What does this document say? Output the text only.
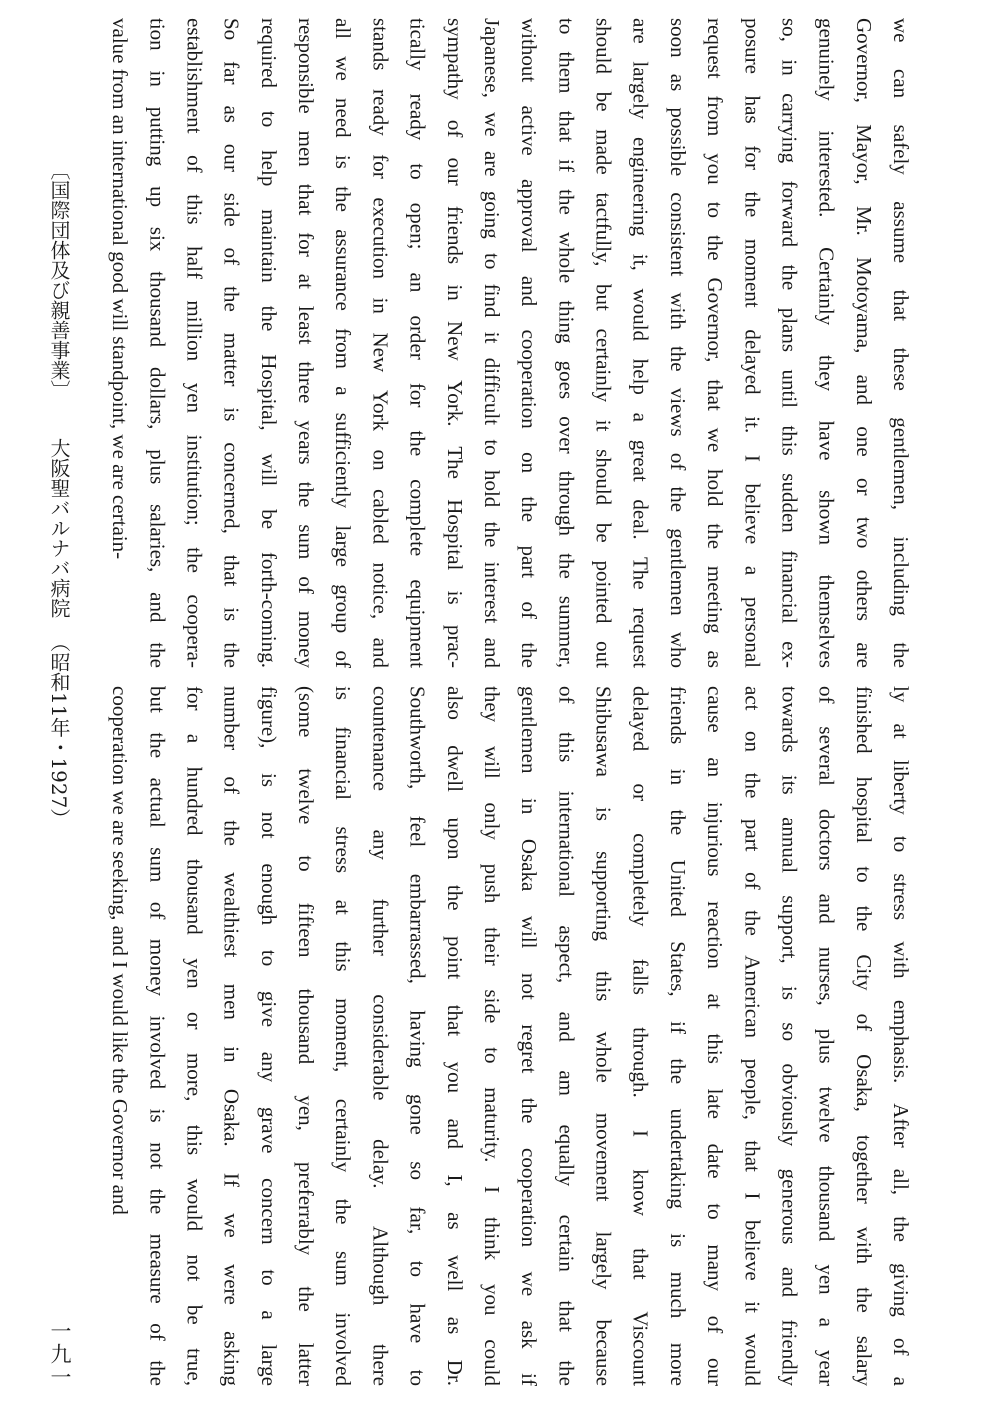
we can safely assume that these gentlemen, including the
Governor, Mayor, Mr. Motoyama, and one or two others are
genuinely interested. Certainly they have shown themselves
so, in carrying forward the plans until this sudden financial ex-
posure has for the moment delayed it. I believe a personal
request from you to the Governor, that we hold the meeting as
soon as possible consistent with the views of the gentlemen who
are largely engineering it, would help a great deal. The request
should be made tactfully, but certainly it should be pointed out
to them that if the whole thing goes over through the summer,
without active approval and cooperation on the part of the
Japanese, we are going to find it difficult to hold the interest and
sympathy of our friends in New York. The Hospital is prac-
tically ready to open; an order for the complete equipment
stands ready for execution in New York on cabled notice, and
all we need is the assurance from a sufficiently large group of
responsible men that for at least three years the sum of money
required to help maintain the Hospital, will be forth-coming.
So far as our side of the matter is concerned, that is the
establishment of this half million yen institution; the coopera-
tion in putting up six thousand dollars, plus salaries, and the
value from an international good will standpoint, we are certain-
ly at liberty to stress with emphasis. After all, the giving of a
finished hospital to the City of Osaka, together with the salary
of several doctors and nurses, plus twelve thousand yen a year
towards its annual support, is so obviously generous and friendly
act on the part of the American people, that I believe it would
cause an injurious reaction at this late date to many of our
friends in the United States, if the undertaking is much more
delayed or completely falls through. I know that Viscount
Shibusawa is supporting this whole movement largely because
of this international aspect, and am equally certain that the
gentlemen in Osaka will not regret the cooperation we ask if
they will only push their side to maturity. I think you could
also dwell upon the point that you and I, as well as Dr.
Southworth, feel embarrassed, having gone so far, to have to
countenance any further considerable delay. Although there
is financial stress at this moment, certainly the sum involved
(some twelve to fifteen thousand yen, preferrably the latter
figure), is not enough to give any grave concern to a large
number of the wealthiest men in Osaka. If we were asking
for a hundred thousand yen or more, this would not be true,
but the actual sum of money involved is not the measure of the
cooperation we are seeking, and I would like the Governor and
〔国際団体及び親善事業〕大阪聖バルナバ病院（昭和11年・1927）
一九一
